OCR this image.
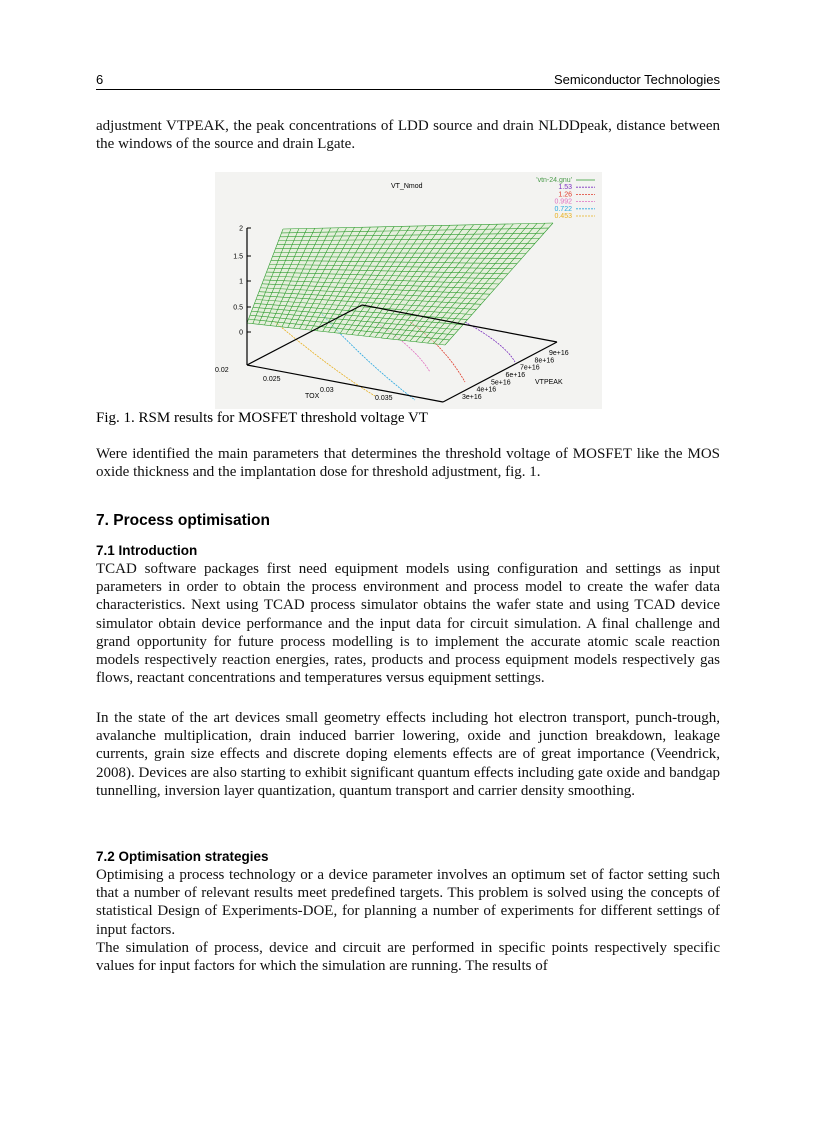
6	Semiconductor Technologies
adjustment VTPEAK, the peak concentrations of LDD source and drain NLDDpeak, distance between the windows of the source and drain Lgate.
VT_Nmod
'vtn-24.gnu'
1.53
1.26
0.992
0.722
0.453
0
0.5
1
1.5
2
0.02
0.025
0.03
0.035
TOX	3e+16
4e+16
5e+16
6e+16
7e+16
8e+16
9e+16
VTPEAK
Fig. 1. RSM results for MOSFET threshold voltage VT
Were identified the main parameters that determines the threshold voltage of MOSFET like the MOS oxide thickness and the implantation dose for threshold adjustment, fig. 1.
7. Process optimisation
7.1 Introduction
TCAD software packages first need equipment models using configuration and settings as input parameters in order to obtain the process environment and process model to create the wafer data characteristics. Next using TCAD process simulator obtains the wafer state and using TCAD device simulator obtain device performance and the input data for circuit simulation. A final challenge and grand opportunity for future process modelling is to implement the accurate atomic scale reaction models respectively reaction energies, rates, products and process equipment models respectively gas flows, reactant concentrations and temperatures versus equipment settings.
In the state of the art devices small geometry effects including hot electron transport, punch-trough, avalanche multiplication, drain induced barrier lowering, oxide and junction breakdown, leakage currents, grain size effects and discrete doping elements effects are of great importance (Veendrick, 2008). Devices are also starting to exhibit significant quantum effects including gate oxide and bandgap tunnelling, inversion layer quantization, quantum transport and carrier density smoothing.
7.2 Optimisation strategies
Optimising a process technology or a device parameter involves an optimum set of factor setting such that a number of relevant results meet predefined targets. This problem is solved using the concepts of statistical Design of Experiments-DOE, for planning a number of experiments for different settings of input factors.
The simulation of process, device and circuit are performed in specific points respectively specific values for input factors for which the simulation are running. The results of
